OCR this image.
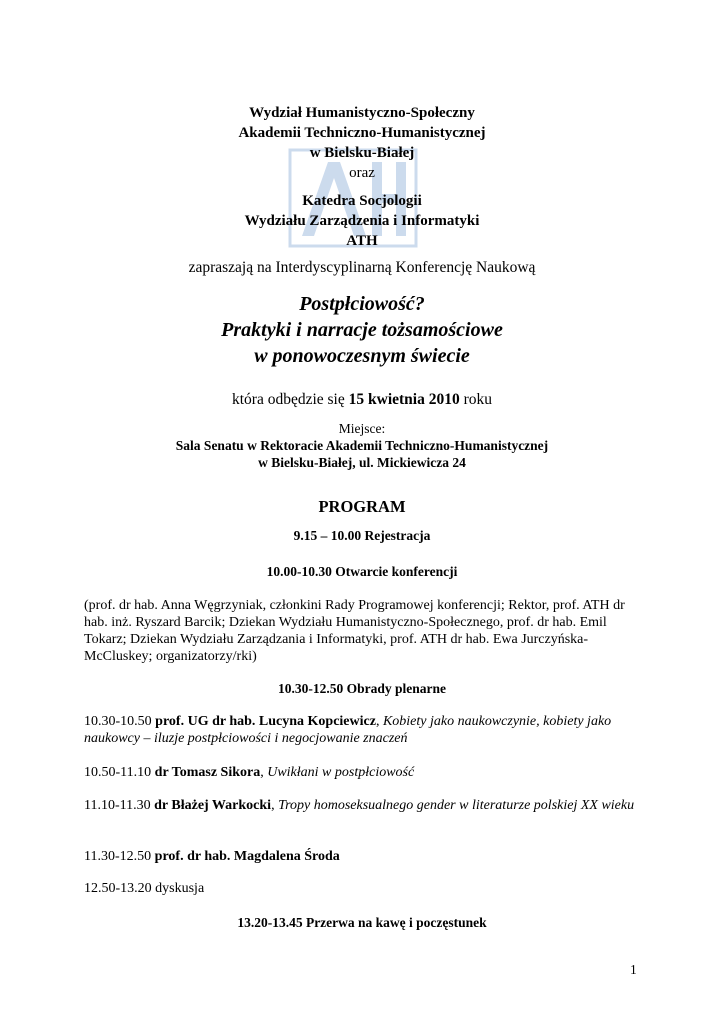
Wydział Humanistyczno-Społeczny
Akademii Techniczno-Humanistycznej
w Bielsku-Białej
oraz
Katedra Socjologii
Wydziału Zarządzenia i Informatyki
ATH
zapraszają na Interdyscyplinarną Konferencję Naukową
Postpłciowość?
Praktyki i narracje tożsamościowe
w ponowoczesnym świecie
która odbędzie się 15 kwietnia 2010 roku
Miejsce:
Sala Senatu w Rektoracie Akademii Techniczno-Humanistycznej
w Bielsku-Białej, ul. Mickiewicza 24
PROGRAM
9.15 – 10.00 Rejestracja
10.00-10.30 Otwarcie konferencji
(prof. dr hab. Anna Węgrzyniak, członkini Rady Programowej konferencji; Rektor, prof. ATH dr hab. inż. Ryszard Barcik; Dziekan Wydziału Humanistyczno-Społecznego, prof. dr hab. Emil Tokarz; Dziekan Wydziału Zarządzania i Informatyki, prof. ATH dr hab. Ewa Jurczyńska-McCluskey; organizatorzy/rki)
10.30-12.50 Obrady plenarne
10.30-10.50 prof. UG dr hab. Lucyna Kopciewicz, Kobiety jako naukowczynie, kobiety jako naukowcy – iluzje postpłciowości i negocjowanie znaczeń
10.50-11.10 dr Tomasz Sikora, Uwikłani w postpłciowość
11.10-11.30 dr Błażej Warkocki, Tropy homoseksualnego gender w literaturze polskiej XX wieku
11.30-12.50 prof. dr hab. Magdalena Środa
12.50-13.20 dyskusja
13.20-13.45 Przerwa na kawę i poczęstunek
1
